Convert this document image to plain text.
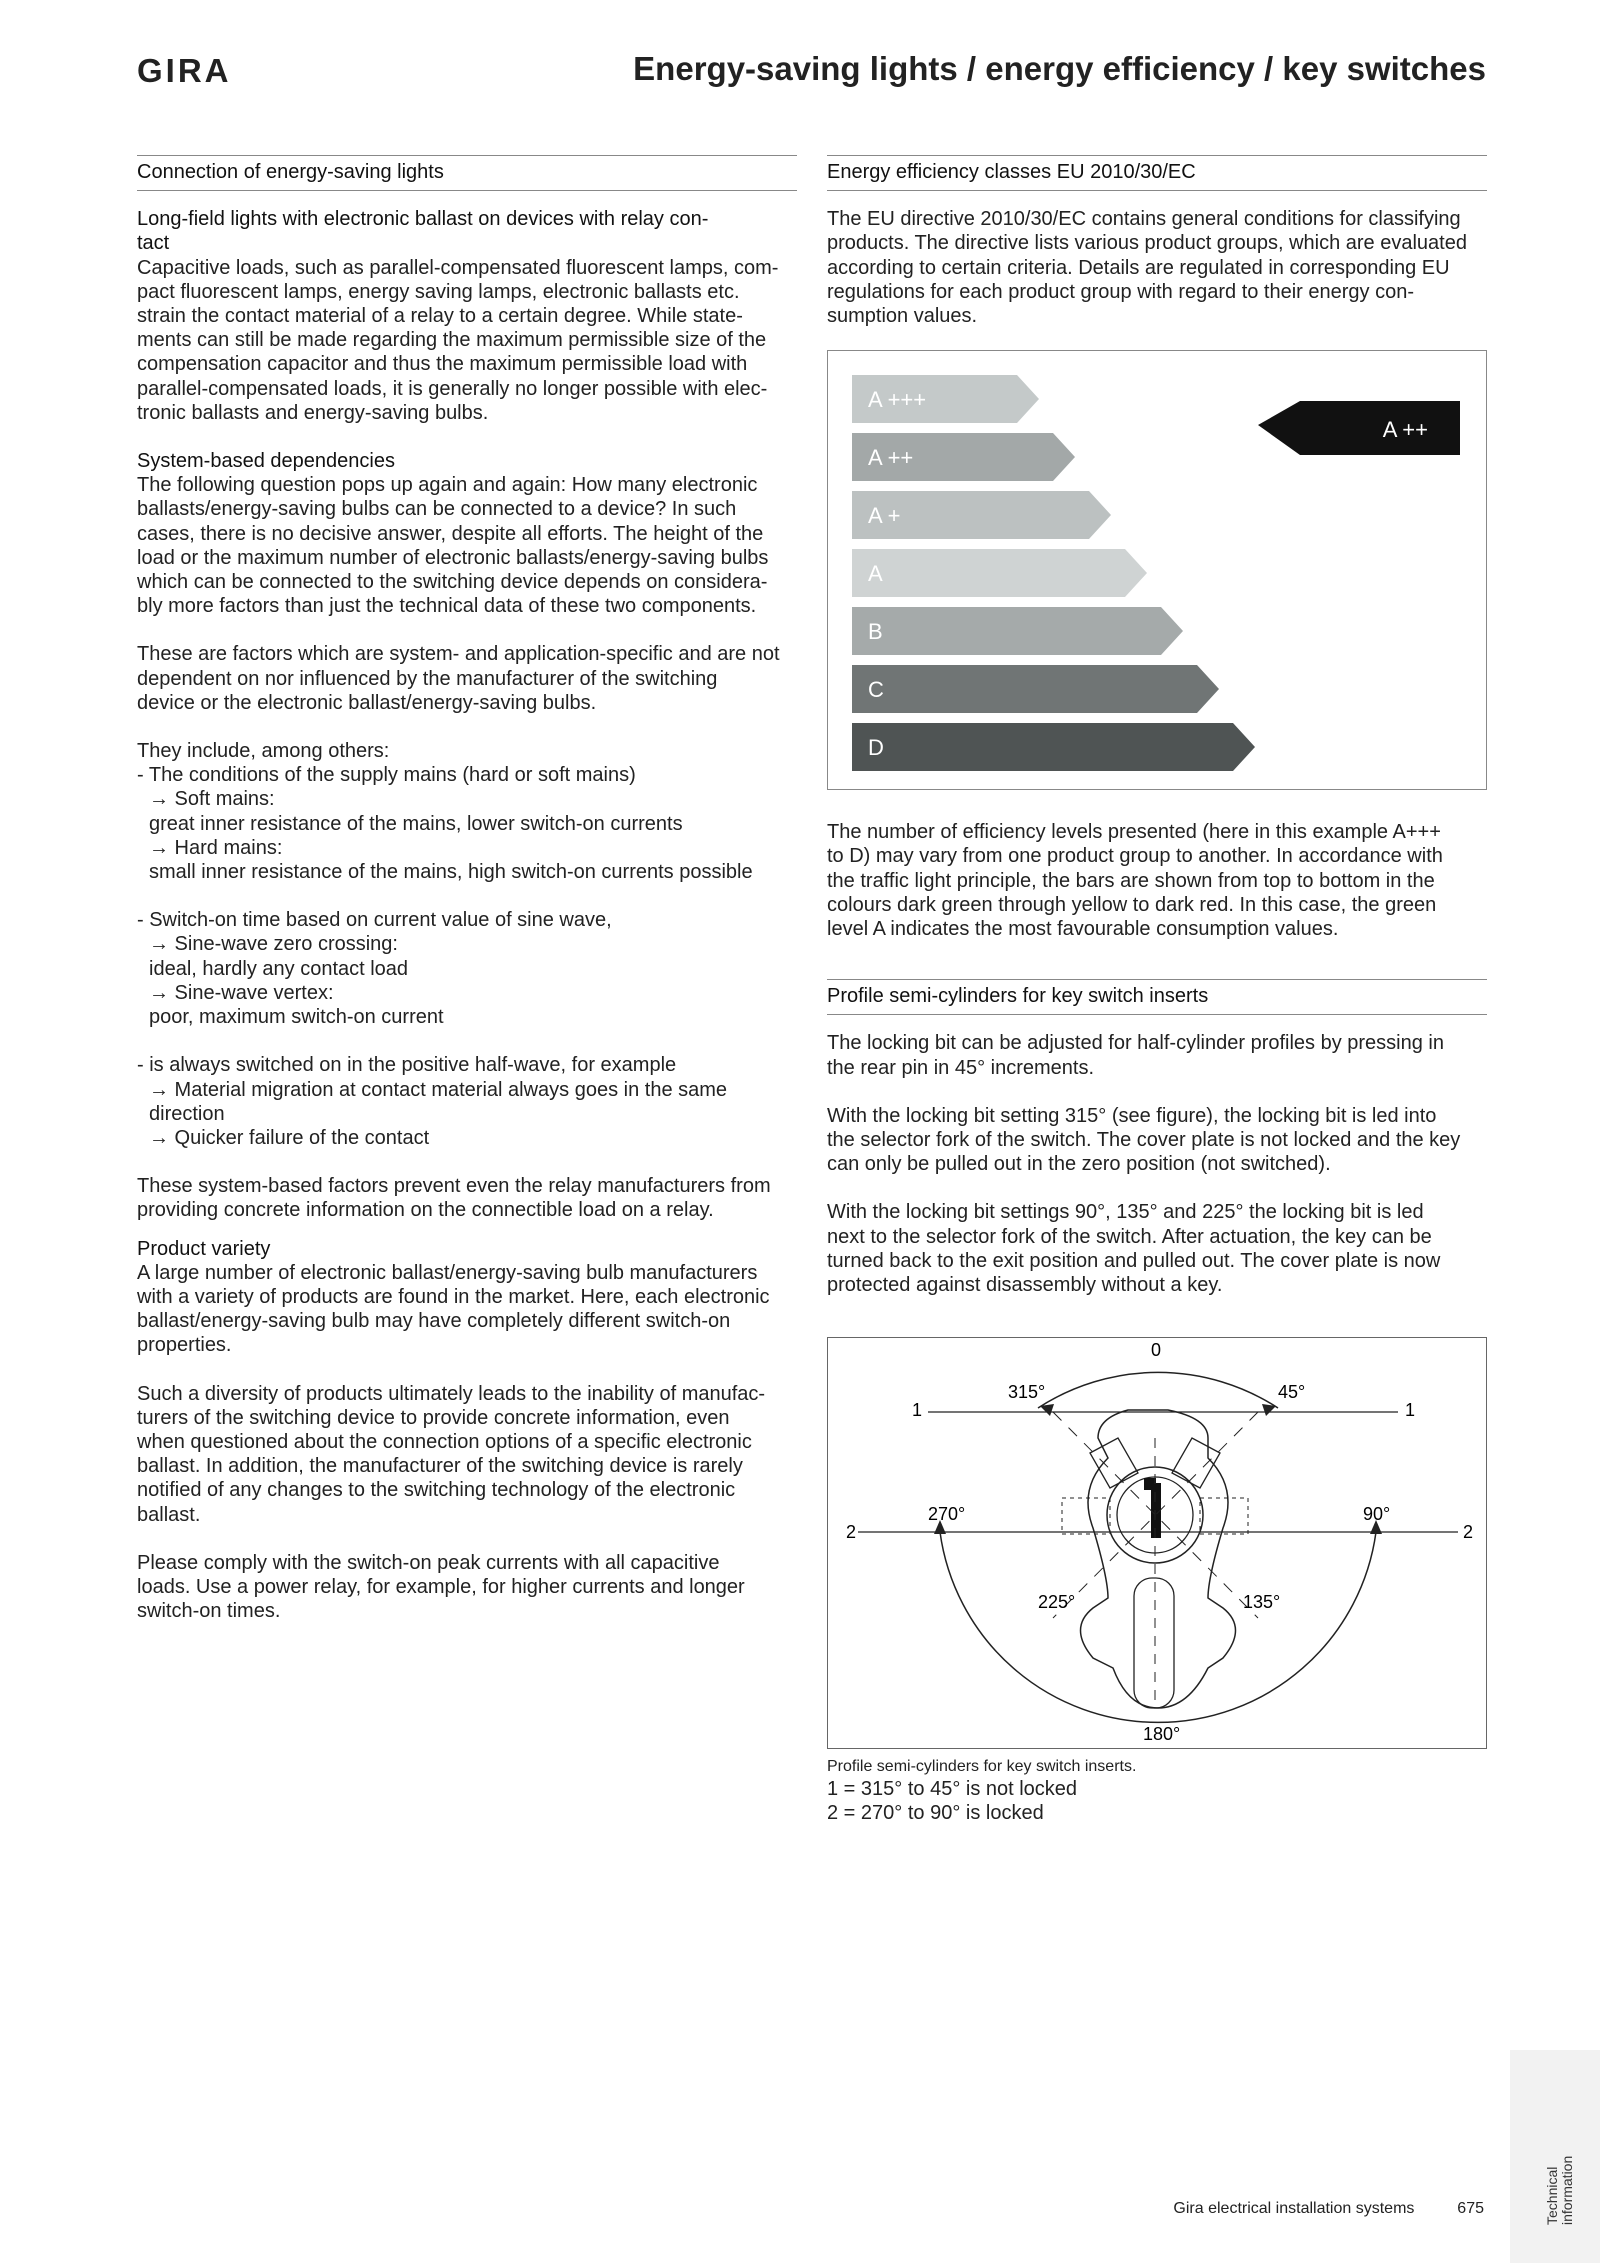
GIRA	Energy-saving lights / energy efficiency / key switches
Connection of energy-saving lights
Long-field lights with electronic ballast on devices with relay con-
tact
Capacitive loads, such as parallel-compensated fluorescent lamps, com-
pact fluorescent lamps, energy saving lamps, electronic ballasts etc.
strain the contact material of a relay to a certain degree. While state-
ments can still be made regarding the maximum permissible size of the
compensation capacitor and thus the maximum permissible load with
parallel-compensated loads, it is generally no longer possible with elec-
tronic ballasts and energy-saving bulbs.
System-based dependencies
The following question pops up again and again: How many electronic
ballasts/energy-saving bulbs can be connected to a device? In such
cases, there is no decisive answer, despite all efforts. The height of the
load or the maximum number of electronic ballasts/energy-saving bulbs
which can be connected to the switching device depends on considera-
bly more factors than just the technical data of these two components.
These are factors which are system- and application-specific and are not
dependent on nor influenced by the manufacturer of the switching
device or the electronic ballast/energy-saving bulbs.
They include, among others:
- The conditions of the supply mains (hard or soft mains)
→ Soft mains:
great inner resistance of the mains, lower switch-on currents
→ Hard mains:
small inner resistance of the mains, high switch-on currents possible
- Switch-on time based on current value of sine wave,
→ Sine-wave zero crossing:
ideal, hardly any contact load
→ Sine-wave vertex:
poor, maximum switch-on current
- is always switched on in the positive half-wave, for example
→ Material migration at contact material always goes in the same
direction
→ Quicker failure of the contact
These system-based factors prevent even the relay manufacturers from
providing concrete information on the connectible load on a relay.
Product variety
A large number of electronic ballast/energy-saving bulb manufacturers
with a variety of products are found in the market. Here, each electronic
ballast/energy-saving bulb may have completely different switch-on
properties.
Such a diversity of products ultimately leads to the inability of manufac-
turers of the switching device to provide concrete information, even
when questioned about the connection options of a specific electronic
ballast. In addition, the manufacturer of the switching device is rarely
notified of any changes to the switching technology of the electronic
ballast.
Please comply with the switch-on peak currents with all capacitive
loads. Use a power relay, for example, for higher currents and longer
switch-on times.
Energy efficiency classes EU 2010/30/EC
The EU directive 2010/30/EC contains general conditions for classifying
products. The directive lists various product groups, which are evaluated
according to certain criteria. Details are regulated in corresponding EU
regulations for each product group with regard to their energy con-
sumption values.
A +++
A ++
A +
A
B
C
D
A ++
The number of efficiency levels presented (here in this example A+++
to D) may vary from one product group to another. In accordance with
the traffic light principle, the bars are shown from top to bottom in the
colours dark green through yellow to dark red. In this case, the green
level A indicates the most favourable consumption values.
Profile semi-cylinders for key switch inserts
The locking bit can be adjusted for half-cylinder profiles by pressing in
the rear pin in 45° increments.
With the locking bit setting 315° (see figure), the locking bit is led into
the selector fork of the switch. The cover plate is not locked and the key
can only be pulled out in the zero position (not switched).
With the locking bit settings 90°, 135° and 225° the locking bit is led
next to the selector fork of the switch. After actuation, the key can be
turned back to the exit position and pulled out. The cover plate is now
protected against disassembly without a key.
0
315°	45°
270°	90°
225°	135°
180°
1	1
2	2
Profile semi-cylinders for key switch inserts.
1 = 315° to 45° is not locked
2 = 270° to 90° is locked
Technical information
Gira electrical installation systems	675
